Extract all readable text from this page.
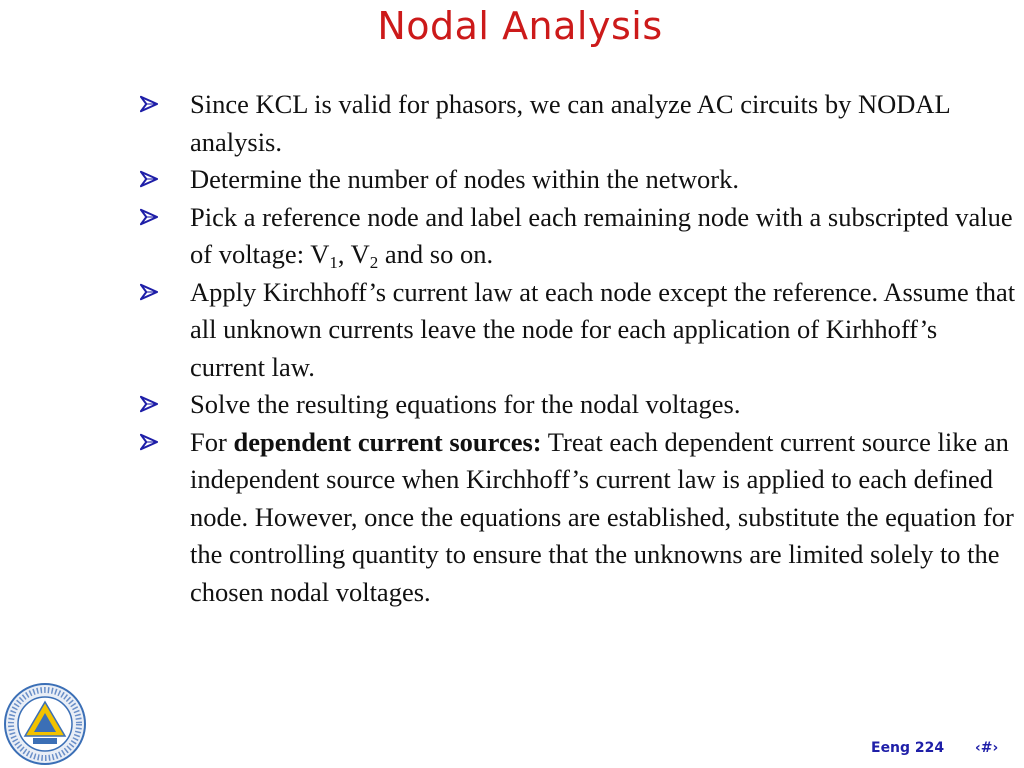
Nodal Analysis
Since KCL is valid for phasors, we can analyze AC circuits by NODAL analysis.
Determine the number of nodes within the network.
Pick a reference node and label each remaining node with a subscripted value of voltage: $V_1$, $V_2$ and so on.
Apply Kirchhoff’s current law at each node except the reference. Assume that all unknown currents leave the node for each application of Kirhhoff’s current law.
Solve the resulting equations for the nodal voltages.
For dependent current sources: Treat each dependent current source like an independent source when Kirchhoff’s current law is applied to each defined node. However, once the equations are established, substitute the equation for the controlling quantity to ensure that the unknowns are limited solely to the chosen nodal voltages.
Eeng 224 ‹#›
